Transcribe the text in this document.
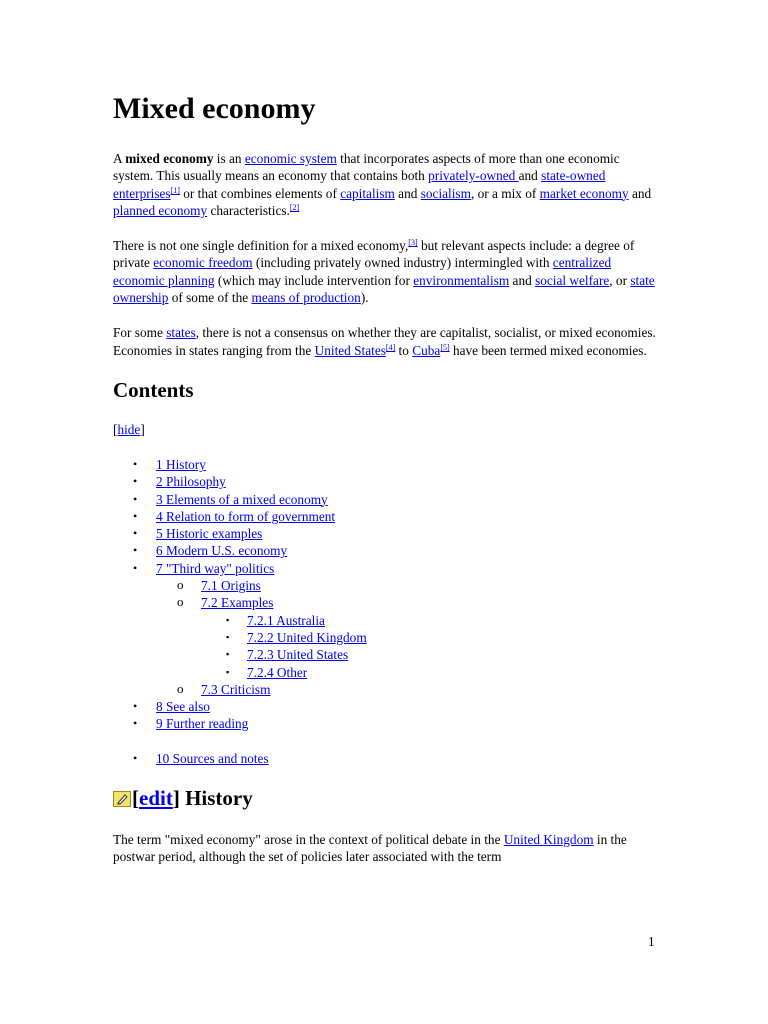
Mixed economy

A mixed economy is an economic system that incorporates aspects of more than one economic system. This usually means an economy that contains both privately-owned and state-owned enterprises[1] or that combines elements of capitalism and socialism, or a mix of market economy and planned economy characteristics.[2]

There is not one single definition for a mixed economy,[3] but relevant aspects include: a degree of private economic freedom (including privately owned industry) intermingled with centralized economic planning (which may include intervention for environmentalism and social welfare, or state ownership of some of the means of production).

For some states, there is not a consensus on whether they are capitalist, socialist, or mixed economies. Economies in states ranging from the United States[4] to Cuba[5] have been termed mixed economies.

Contents
[hide]
• 1 History
• 2 Philosophy
• 3 Elements of a mixed economy
• 4 Relation to form of government
• 5 Historic examples
• 6 Modern U.S. economy
• 7 "Third way" politics
o 7.1 Origins
o 7.2 Examples
▪ 7.2.1 Australia
▪ 7.2.2 United Kingdom
▪ 7.2.3 United States
▪ 7.2.4 Other
o 7.3 Criticism
• 8 See also
• 9 Further reading
• 10 Sources and notes
[ edit ] History

The term "mixed economy" arose in the context of political debate in the United Kingdom in the postwar period, although the set of policies later associated with the term

1
